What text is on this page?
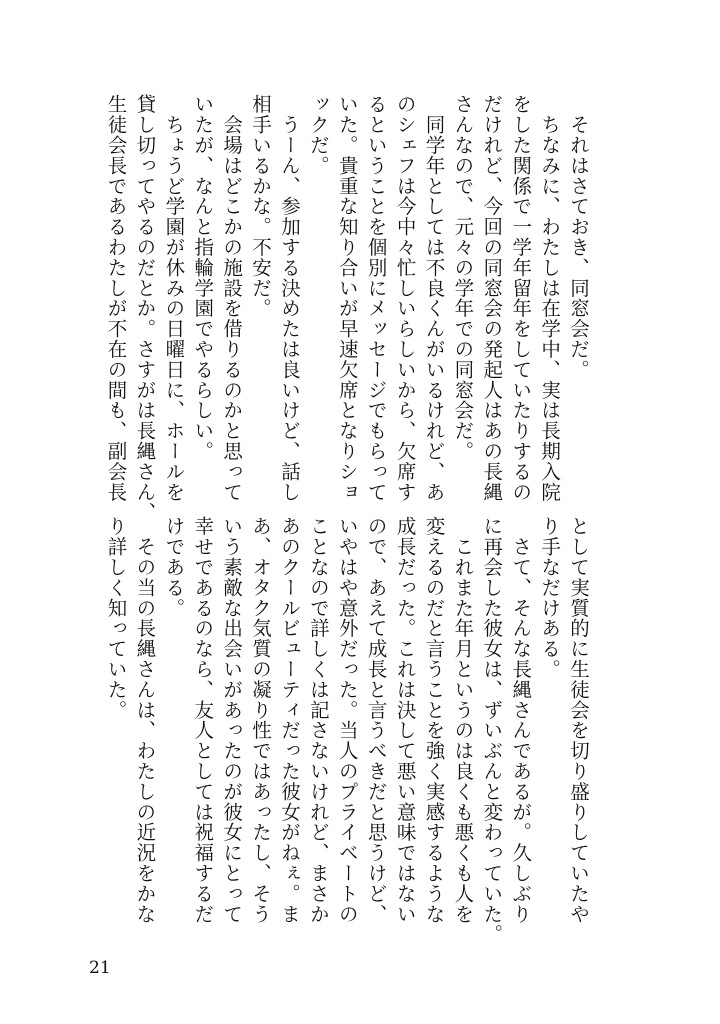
　それはさておき、同窓会だ。
　ちなみに、わたしは在学中、実は長期入院
をした関係で一学年留年をしていたりするの
だけれど、今回の同窓会の発起人はあの長縄
さんなので、元々の学年での同窓会だ。
　同学年としては不良くんがいるけれど、あ
のシェフは今中々忙しいらしいから、欠席す
るということを個別にメッセージでもらって
いた。貴重な知り合いが早速欠席となりショ
ックだ。
　うーん、参加する決めたは良いけど、話し
相手いるかな。不安だ。
　会場はどこかの施設を借りるのかと思って
いたが、なんと指輪学園でやるらしい。
　ちょうど学園が休みの日曜日に、ホールを
貸し切ってやるのだとか。さすがは長縄さん、
生徒会長であるわたしが不在の間も、副会長
として実質的に生徒会を切り盛りしていたや
り手なだけある。
　さて、そんな長縄さんであるが。久しぶり
に再会した彼女は、ずいぶんと変わっていた。
　これまた年月というのは良くも悪くも人を
変えるのだと言うことを強く実感するような
成長だった。これは決して悪い意味ではない
ので、あえて成長と言うべきだと思うけど、
いやはや意外だった。当人のプライベートの
ことなので詳しくは記さないけれど、まさか
あのクールビューティだった彼女がねぇ。ま
あ、オタク気質の凝り性ではあったし、そう
いう素敵な出会いがあったのが彼女にとって
幸せであるのなら、友人としては祝福するだ
けである。
　その当の長縄さんは、わたしの近況をかな
り詳しく知っていた。
21
